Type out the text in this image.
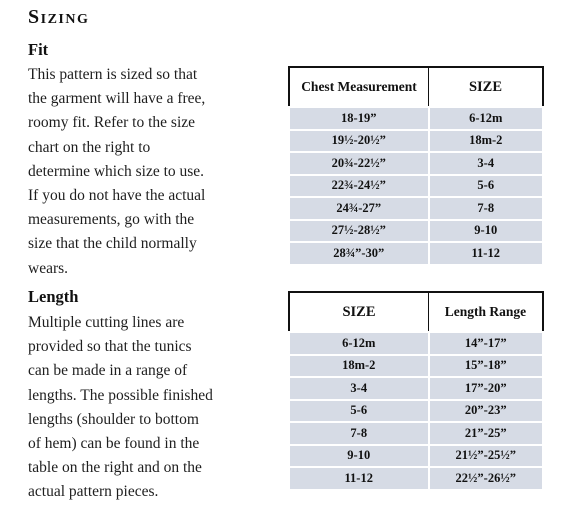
Sizing
Fit
This pattern is sized so that
the garment will have a free,
roomy fit. Refer to the size
chart on the right to
determine which size to use.
If you do not have the actual
measurements, go with the
size that the child normally
wears.
Length
Multiple cutting lines are
provided so that the tunics
can be made in a range of
lengths. The possible finished
lengths (shoulder to bottom
of hem) can be found in the
table on the right and on the
actual pattern pieces.
Chest Measurement	SIZE
18-19”	6-12m
19½-20½”	18m-2
20¾-22½”	3-4
22¾-24½”	5-6
24¾-27”	7-8
27½-28½”	9-10
28¾”-30”	11-12
SIZE	Length Range
6-12m	14”-17”
18m-2	15”-18”
3-4	17”-20”
5-6	20”-23”
7-8	21”-25”
9-10	21½”-25½”
11-12	22½”-26½”
